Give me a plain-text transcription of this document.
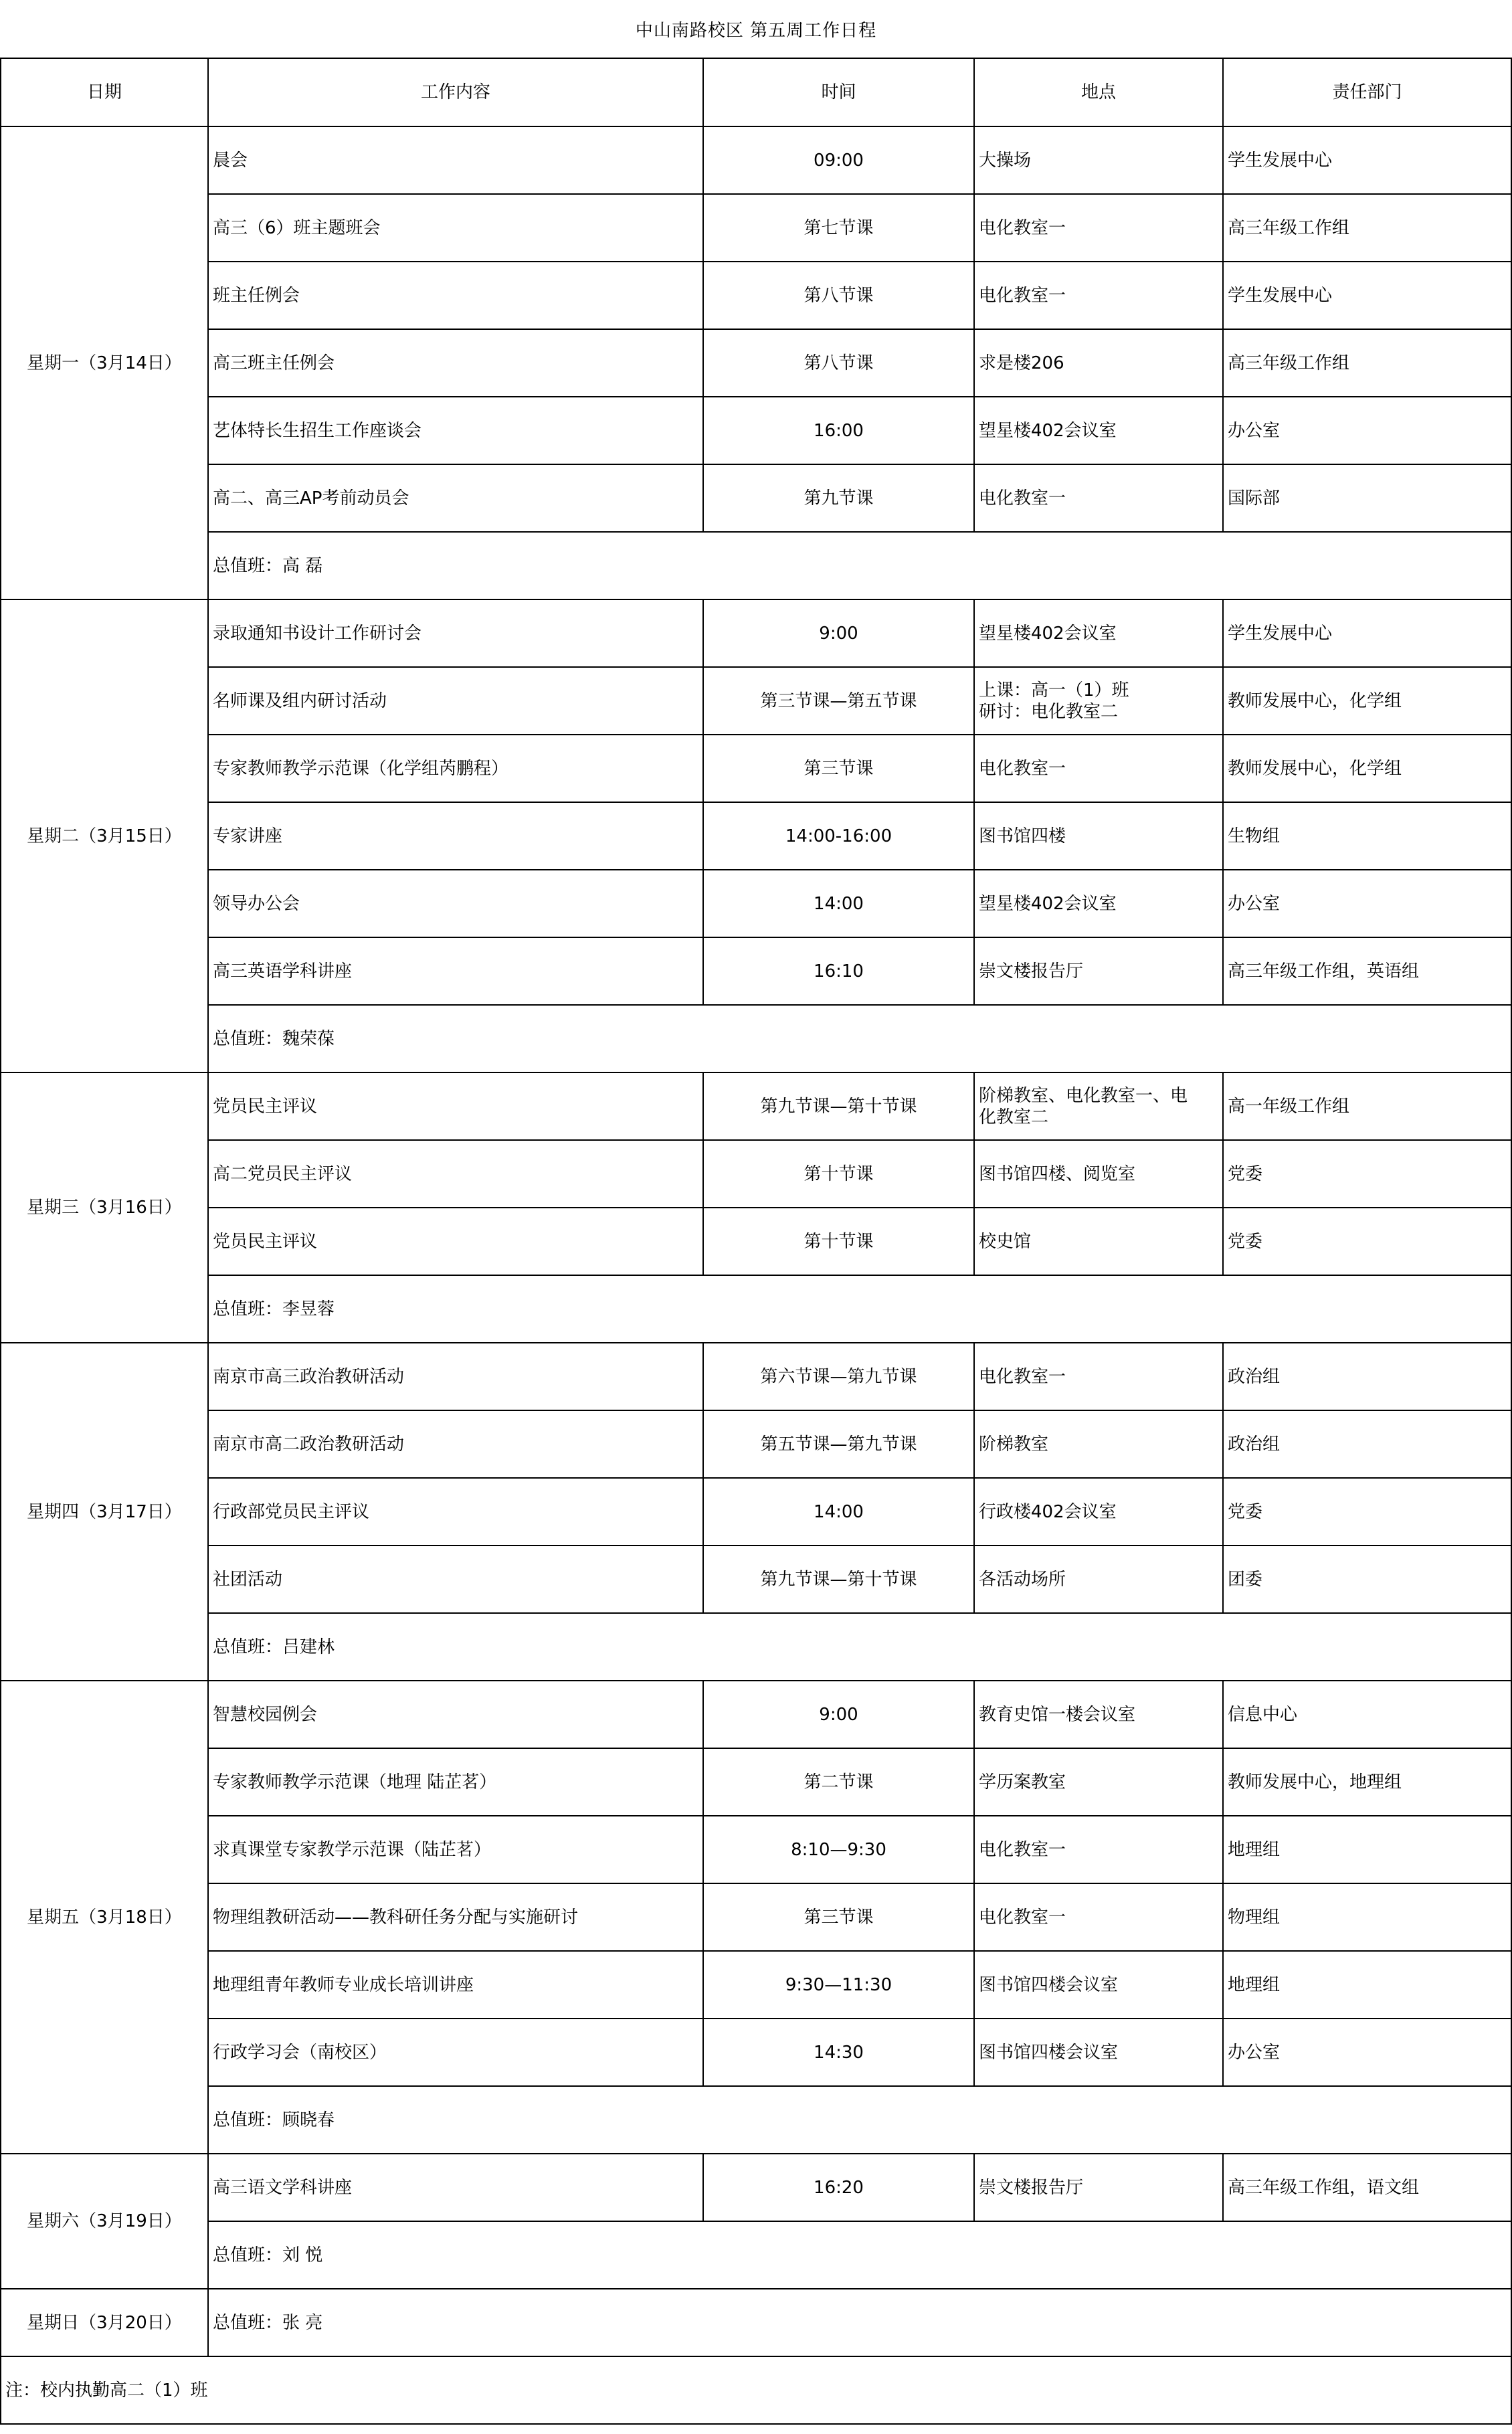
中山南路校区 第五周工作日程
日期	工作内容	时间	地点	责任部门
星期一（3月14日）	晨会	09:00	大操场	学生发展中心
	高三（6）班主题班会	第七节课	电化教室一	高三年级工作组
	班主任例会	第八节课	电化教室一	学生发展中心
	高三班主任例会	第八节课	求是楼206	高三年级工作组
	艺体特长生招生工作座谈会	16:00	望星楼402会议室	办公室
	高二、高三AP考前动员会	第九节课	电化教室一	国际部
	总值班：高 磊			
星期二（3月15日）	录取通知书设计工作研讨会	9:00	望星楼402会议室	学生发展中心
	名师课及组内研讨活动	第三节课—第五节课	上课：高一（1）班
研讨：电化教室二	教师发展中心，化学组
	专家教师教学示范课（化学组芮鹏程）	第三节课	电化教室一	教师发展中心，化学组
	专家讲座	14:00-16:00	图书馆四楼	生物组
	领导办公会	14:00	望星楼402会议室	办公室
	高三英语学科讲座	16:10	崇文楼报告厅	高三年级工作组，英语组
	总值班：魏荣葆			
星期三（3月16日）	党员民主评议	第九节课—第十节课	阶梯教室、电化教室一、电
化教室二	高一年级工作组
	高二党员民主评议	第十节课	图书馆四楼、阅览室	党委
	党员民主评议	第十节课	校史馆	党委
	总值班：李昱蓉			
星期四（3月17日）	南京市高三政治教研活动	第六节课—第九节课	电化教室一	政治组
	南京市高二政治教研活动	第五节课—第九节课	阶梯教室	政治组
	行政部党员民主评议	14:00	行政楼402会议室	党委
	社团活动	第九节课—第十节课	各活动场所	团委
	总值班：吕建林			
星期五（3月18日）	智慧校园例会	9:00	教育史馆一楼会议室	信息中心
	专家教师教学示范课（地理 陆芷茗）	第二节课	学历案教室	教师发展中心，地理组
	求真课堂专家教学示范课（陆芷茗）	8:10—9:30	电化教室一	地理组
	物理组教研活动——教科研任务分配与实施研讨	第三节课	电化教室一	物理组
	地理组青年教师专业成长培训讲座	9:30—11:30	图书馆四楼会议室	地理组
	行政学习会（南校区）	14:30	图书馆四楼会议室	办公室
	总值班：顾晓春			
星期六（3月19日）	高三语文学科讲座	16:20	崇文楼报告厅	高三年级工作组，语文组
	总值班：刘 悦			
星期日（3月20日）	总值班：张 亮			
注：校内执勤高二（1）班				
